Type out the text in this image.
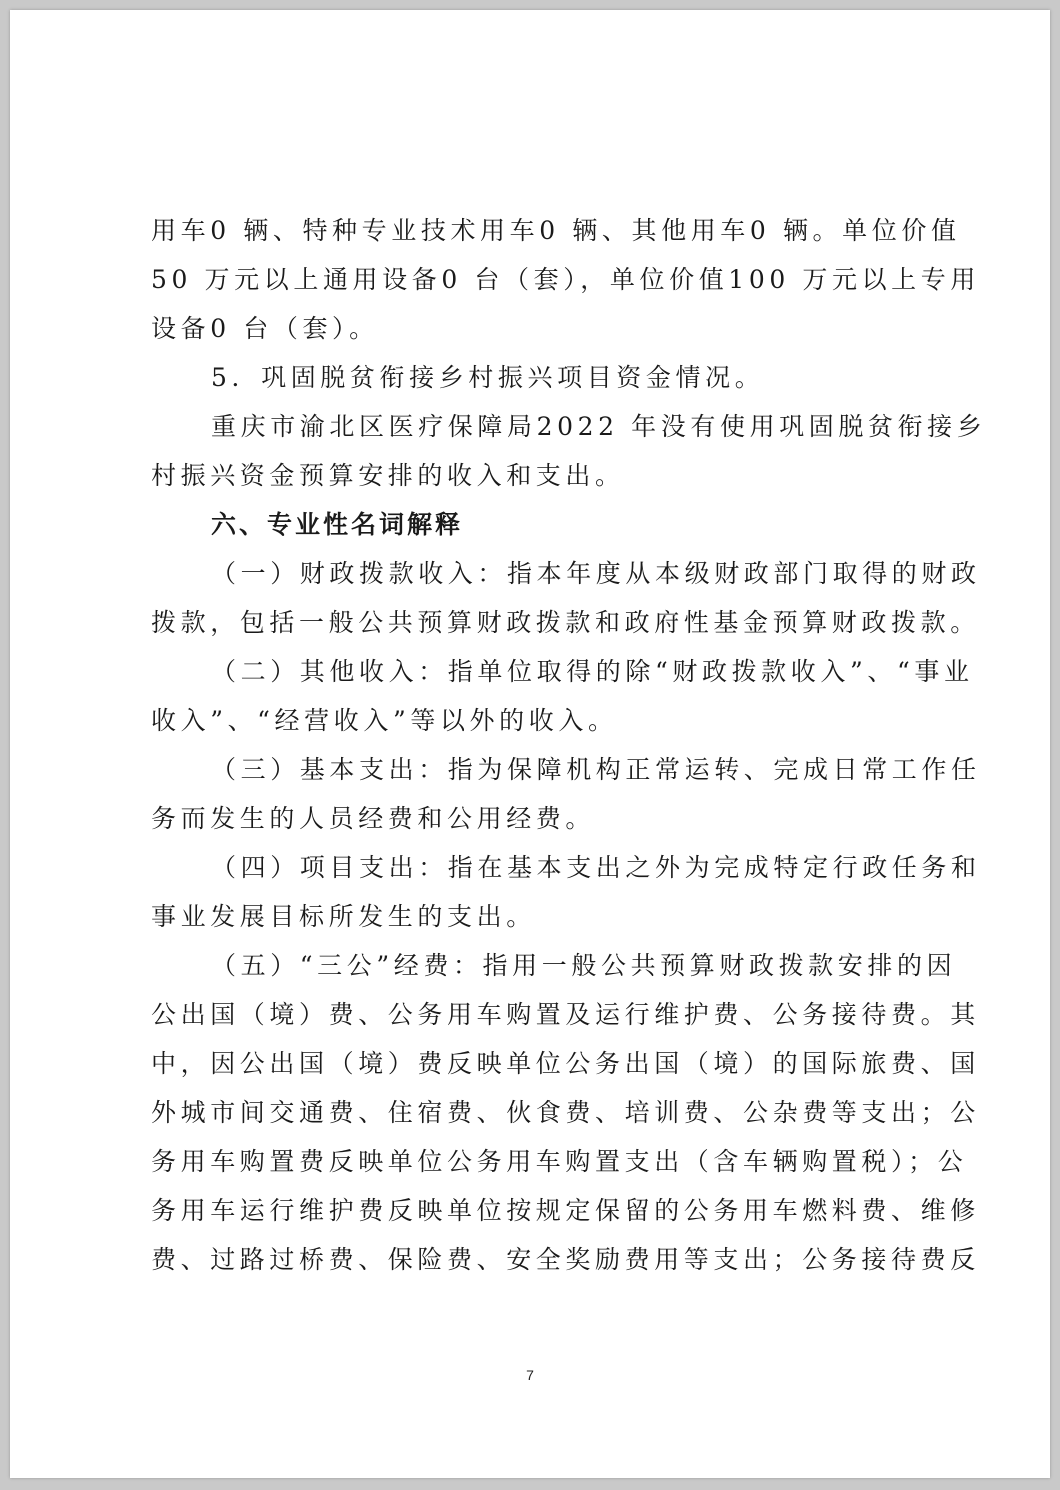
用车0 辆、特种专业技术用车0 辆、其他用车0 辆。单位价值
50 万元以上通用设备0 台（套），单位价值100 万元以上专用
设备0 台（套）。
5．巩固脱贫衔接乡村振兴项目资金情况。
重庆市渝北区医疗保障局2022 年没有使用巩固脱贫衔接乡
村振兴资金预算安排的收入和支出。
六、专业性名词解释
（一）财政拨款收入：指本年度从本级财政部门取得的财政
拨款，包括一般公共预算财政拨款和政府性基金预算财政拨款。
（二）其他收入：指单位取得的除“财政拨款收入”、“事业
收入”、“经营收入”等以外的收入。
（三）基本支出：指为保障机构正常运转、完成日常工作任
务而发生的人员经费和公用经费。
（四）项目支出：指在基本支出之外为完成特定行政任务和
事业发展目标所发生的支出。
（五）“三公”经费：指用一般公共预算财政拨款安排的因
公出国（境）费、公务用车购置及运行维护费、公务接待费。其
中，因公出国（境）费反映单位公务出国（境）的国际旅费、国
外城市间交通费、住宿费、伙食费、培训费、公杂费等支出；公
务用车购置费反映单位公务用车购置支出（含车辆购置税）；公
务用车运行维护费反映单位按规定保留的公务用车燃料费、维修
费、过路过桥费、保险费、安全奖励费用等支出；公务接待费反
7
